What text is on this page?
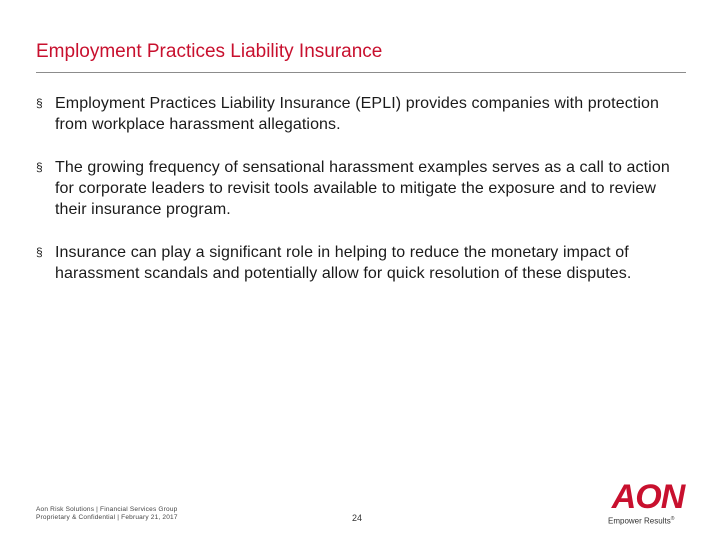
Employment Practices Liability Insurance
§ Employment Practices Liability Insurance (EPLI) provides companies with protection from workplace harassment allegations.
§ The growing frequency of sensational harassment examples serves as a call to action for corporate leaders to revisit tools available to mitigate the exposure and to review their insurance program.
§ Insurance can play a significant role in helping to reduce the monetary impact of harassment scandals and potentially allow for quick resolution of these disputes.
Aon Risk Solutions | Financial Services Group
Proprietary & Confidential | February 21, 2017	24
AON
Empower Results®
